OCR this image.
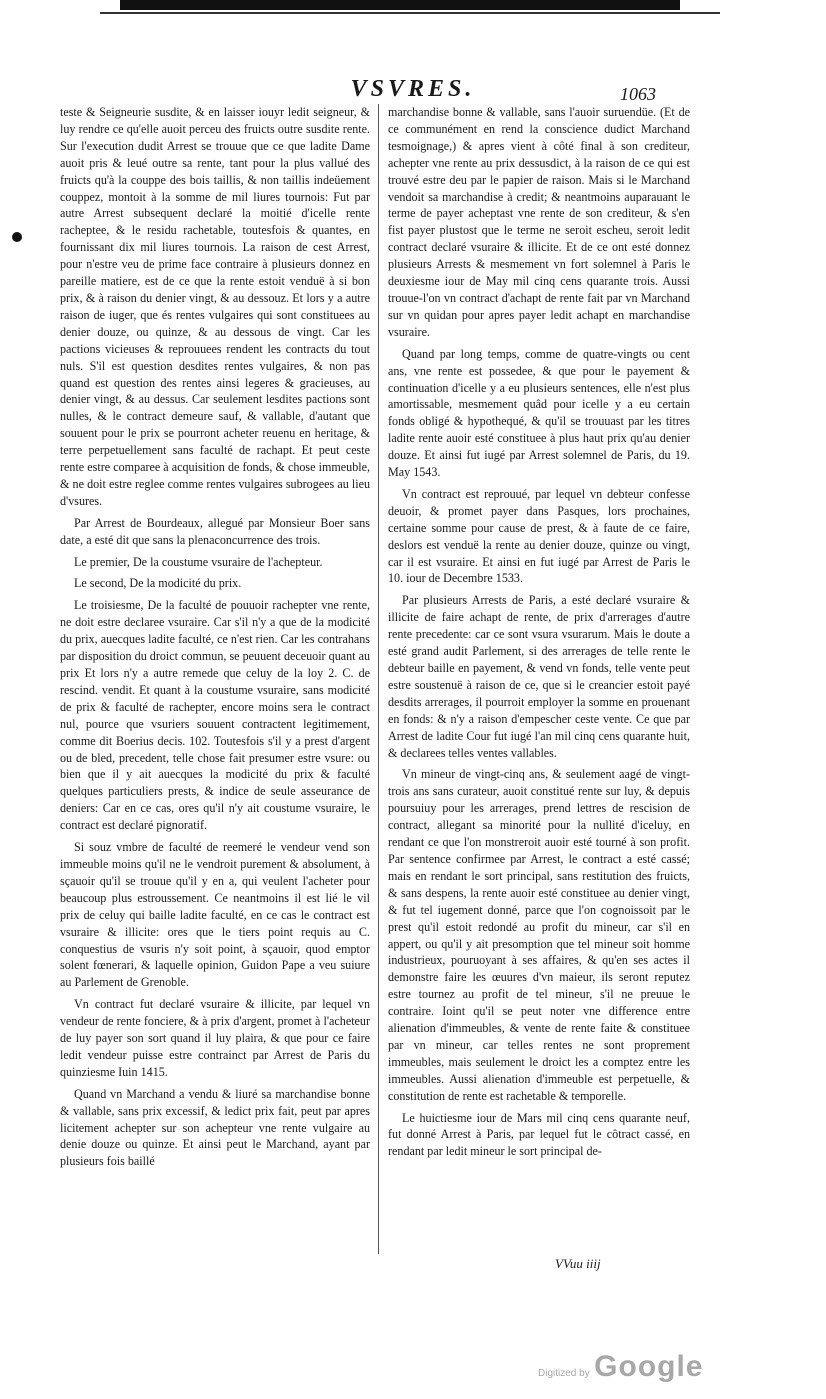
VSVRES.	1063

teste & Seigneurie susdite, & en laisser iouyr ledit seigneur, & luy rendre ce qu'elle auoit perceu des fruicts outre susdite rente. Sur l'execution dudit Arrest se trouue que ce que ladite Dame auoit pris & leué outre sa rente, tant pour la plus vallué des fruicts qu'à la couppe des bois taillis, & non taillis indeüement couppez, montoit à la somme de mil liures tournois: Fut par autre Arrest subsequent declaré la moitié d'icelle rente racheptee, & le residu rachetable, toutesfois & quantes, en fournissant dix mil liures tournois. La raison de cest Arrest, pour n'estre veu de prime face contraire à plusieurs donnez en pareille matiere, est de ce que la rente estoit venduë à si bon prix, & à raison du denier vingt, & au dessouz. Et lors y a autre raison de iuger, que és rentes vulgaires qui sont constituees au denier douze, ou quinze, & au dessous de vingt. Car les pactions vicieuses & reprouuees rendent les contracts du tout nuls. S'il est question desdites rentes vulgaires, & non pas quand est question des rentes ainsi legeres & gracieuses, au denier vingt, & au dessus. Car seulement lesdites pactions sont nulles, & le contract demeure sauf, & vallable, d'autant que souuent pour le prix se pourront acheter reuenu en heritage, & terre perpetuellement sans faculté de rachapt. Et peut ceste rente estre comparee à acquisition de fonds, & chose immeuble, & ne doit estre reglee comme rentes vulgaires subrogees au lieu d'vsures.

Par Arrest de Bourdeaux, allegué par Monsieur Boer sans date, a esté dit que sans la plenaconcurrence des trois.

Le premier, De la coustume vsuraire de l'acheptеur.

Le second, De la modicité du prix.

Le troisiesme, De la faculté de pouuoir rachepter vne rente, ne doit estre declaree vsuraire. Car s'il n'y a que de la modicité du prix, auecques ladite faculté, ce n'est rien. Car les contrahans par disposition du droict commun, se peuuent deceuoir quant au prix Et lors n'y a autre remede que celuy de la loy 2. C. de rescind. vendit. Et quant à la coustume vsuraire, sans modicité de prix & faculté de rachepter, encore moins sera le contract nul, pource que vsuriers souuent contractent legitimement, comme dit Boerius decis. 102. Toutesfois s'il y a prest d'argent ou de bled, precedent, telle chose fait presumer estre vsure: ou bien que il y ait auecques la modicité du prix & faculté quelques particuliers prests, & indice de seule asseurance de deniers: Car en ce cas, ores qu'il n'y ait coustume vsuraire, le contract est declaré pignoratif.

Si souz vmbre de faculté de reemeré le vendeur vend son immeuble moins qu'il ne le vendroit purement & absolument, à sçauoir qu'il se trouue qu'il y en a, qui veulent l'acheter pour beaucoup plus estroussement. Ce neantmoins il est lié le vil prix de celuy qui baille ladite faculté, en ce cas le contract est vsuraire & illicite: ores que le tiers point requis au C. conquestius de vsuris n'y soit point, à sçauoir, quod emptor solent fœnerari, & laquelle opinion, Guidon Pape a veu suiure au Parlement de Grenoble.

Vn contract fut declaré vsuraire & illicite, par lequel vn vendeur de rente fonciere, & à prix d'argent, promet à l'acheteur de luy payer son sort quand il luy plaira, & que pour ce faire ledit vendeur puisse estre contrainct par Arrest de Paris du quinziesme Iuin 1415.

Quand vn Marchand a vendu & liuré sa marchandise bonne & vallable, sans prix excessif, & ledict prix fait, peut par apres licitement achepter sur son acheptеur vne rente vulgaire au denie douze ou quinze. Et ainsi peut le Marchand, ayant par plusieurs fois baillé

marchandise bonne & vallable, sans l'auoir suruendüe. (Et de ce communément en rend la conscience dudict Marchand tesmoignage,) & apres vient à côté final à son crediteur, achepter vne rente au prix dessusdict, à la raison de ce qui est trouvé estre deu par le papier de raison. Mais si le Marchand vendoit sa marchandise à credit; & neantmoins auparauant le terme de payer acheptast vne rente de son crediteur, & s'en fist payer plustost que le terme ne seroit escheu, seroit ledit contract declaré vsuraire & illicite. Et de ce ont esté donnez plusieurs Arrests & mesmement vn fort solemnel à Paris le deuxiesme iour de May mil cinq cens quarante trois. Aussi trouue-l'on vn contract d'achapt de rente fait par vn Marchand sur vn quidan pour apres payer ledit achapt en marchandise vsuraire.

Quand par long temps, comme de quatre-vingts ou cent ans, vne rente est possedee, & que pour le payement & continuation d'icelle y a eu plusieurs sentences, elle n'est plus amortissable, mesmement quâd pour icelle y a eu certain fonds obligé & hypothequé, & qu'il se trouuast par les titres ladite rente auoir esté constituee à plus haut prix qu'au denier douze. Et ainsi fut iugé par Arrest solemnel de Paris, du 19. May 1543.

Vn contract est reprouué, par lequel vn debteur confesse deuoir, & promet payer dans Pasques, lors prochaines, certaine somme pour cause de prest, & à faute de ce faire, deslors est venduë la rente au denier douze, quinze ou vingt, car il est vsuraire. Et ainsi en fut iugé par Arrest de Paris le 10. iour de Decembre 1533.

Par plusieurs Arrests de Paris, a esté declaré vsuraire & illicite de faire achapt de rente, de prix d'arrerages d'autre rente precedente: car ce sont vsura vsurarum. Mais le doute a esté grand audit Parlement, si des arrerages de telle rente le debteur baille en payement, & vend vn fonds, telle vente peut estre soustenuë à raison de ce, que si le creancier estoit payé desdits arrerages, il pourroit employer la somme en prouenant en fonds: & n'y a raison d'empescher ceste vente. Ce que par Arrest de ladite Cour fut iugé l'an mil cinq cens quarante huit, & declarees telles ventes vallables.

Vn mineur de vingt-cinq ans, & seulement aagé de vingt-trois ans sans curateur, auoit constitué rente sur luy, & depuis poursuiuy pour les arrerages, prend lettres de rescision de contract, allegant sa minorité pour la nullité d'iceluy, en rendant ce que l'on monstreroit auoir esté tourné à son profit. Par sentence confirmee par Arrest, le contract a esté cassé; mais en rendant le sort principal, sans restitution des fruicts, & sans despens, la rente auoir esté constituee au denier vingt, & fut tel iugement donné, parce que l'on cognoissoit par le prest qu'il estoit redondé au profit du mineur, car s'il en appert, ou qu'il y ait presomption que tel mineur soit homme industrieux, pouruoyant à ses affaires, & qu'en ses actes il demonstre faire les œuures d'vn maieur, ils seront reputez estre tournez au profit de tel mineur, s'il ne preuue le contraire. Ioint qu'il se peut noter vne difference entre alienation d'immeubles, & vente de rente faite & constituee par vn mineur, car telles rentes ne sont proprement immeubles, mais seulement le droict les a comptez entre les immeubles. Aussi alienation d'immeuble est perpetuelle, & constitution de rente est rachetable & temporelle.

Le huictiesme iour de Mars mil cinq cens quarante neuf, fut donné Arrest à Paris, par lequel fut le côtract cassé, en rendant par ledit mineur le sort principal de-

VVuu iiij
Digitized by Google
